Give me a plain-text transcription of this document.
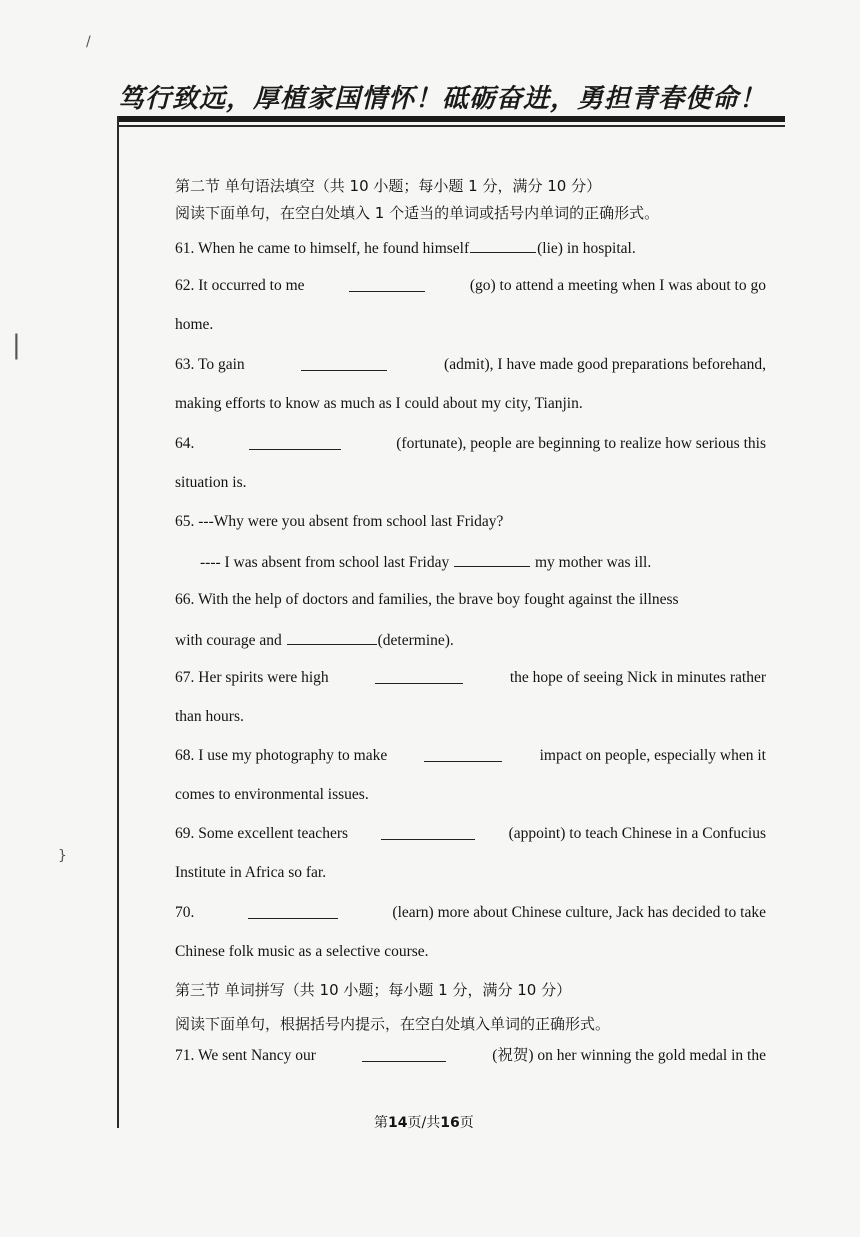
/
|
}
笃行致远，厚植家国情怀！砥砺奋进，勇担青春使命！
第二节 单句语法填空（共 10 小题；每小题 1 分，满分 10 分）
阅读下面单句，在空白处填入 1 个适当的单词或括号内单词的正确形式。
61. When he came to himself, he found himself	(lie) in hospital.
62. It occurred to me	(go) to attend a meeting when I was about to go
home.
63. To gain	(admit), I have made good preparations beforehand,
making efforts to know as much as I could about my city, Tianjin.
64.	(fortunate), people are beginning to realize how serious this
situation is.
65. ---Why were you absent from school last Friday?
---- I was absent from school last Friday	my mother was ill.
66. With the help of doctors and families, the brave boy fought against the illness
with courage and	(determine).
67. Her spirits were high	the hope of seeing Nick in minutes rather
than hours.
68. I use my photography to make	impact on people, especially when it
comes to environmental issues.
69. Some excellent teachers	(appoint) to teach Chinese in a Confucius
Institute in Africa so far.
70.	(learn) more about Chinese culture, Jack has decided to take
Chinese folk music as a selective course.
第三节 单词拼写（共 10 小题；每小题 1 分，满分 10 分）
阅读下面单句，根据括号内提示，在空白处填入单词的正确形式。
71. We sent Nancy our	(祝贺) on her winning the gold medal in the
第14页/共16页
